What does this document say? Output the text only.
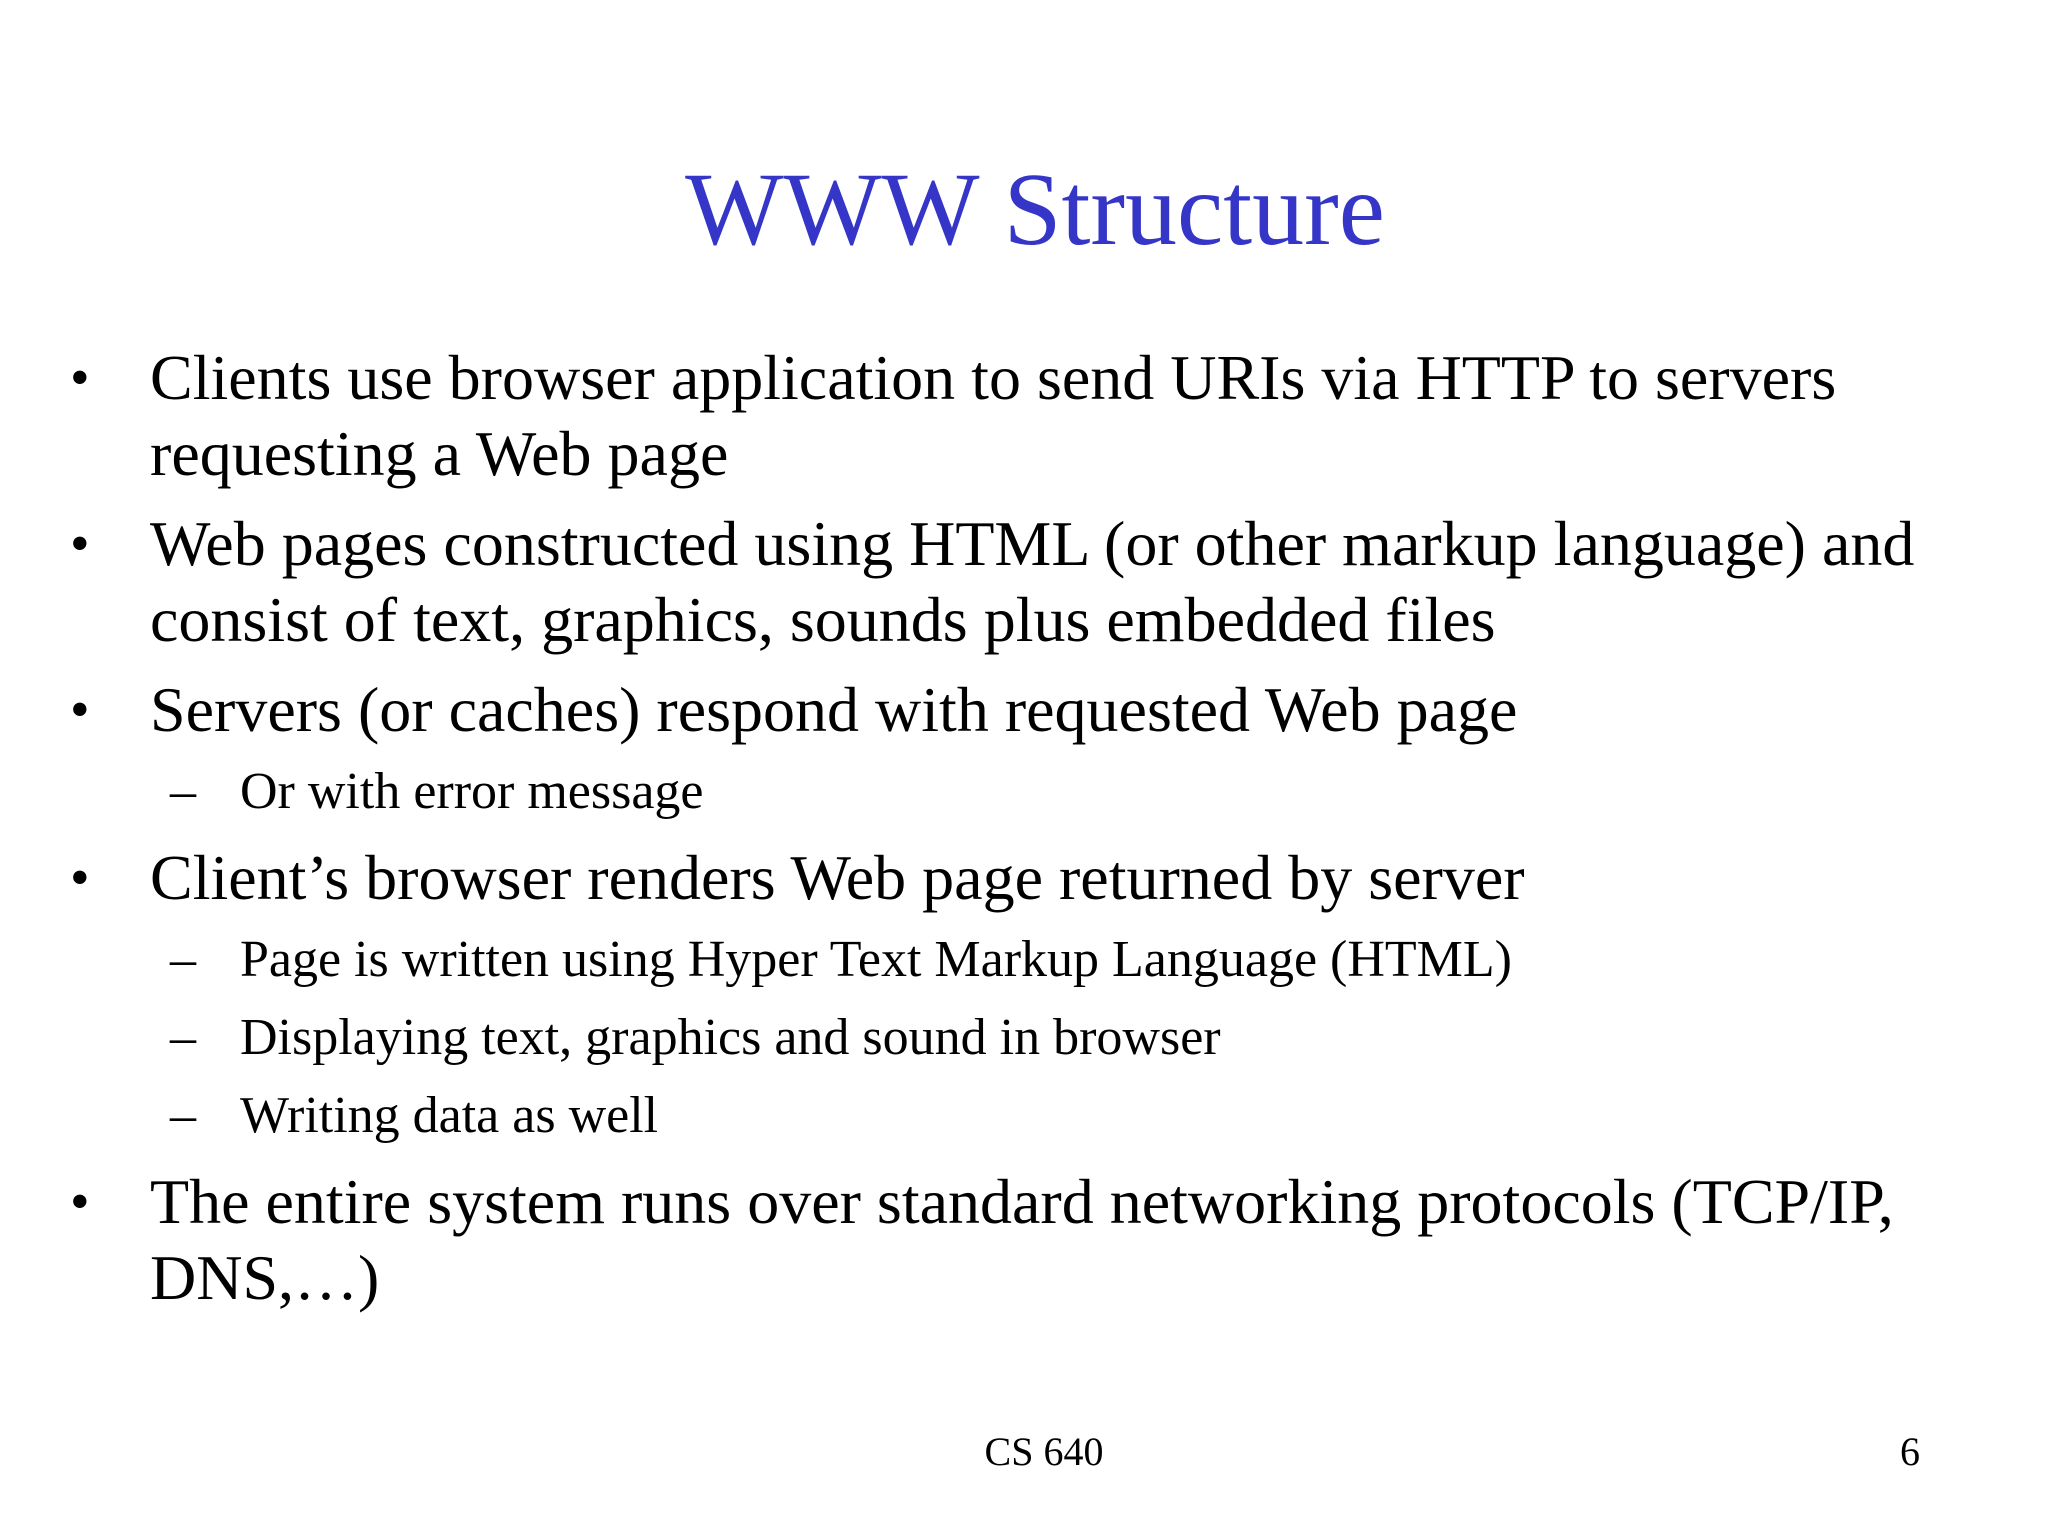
WWW Structure
• Clients use browser application to send URIs via HTTP to servers requesting a Web page
• Web pages constructed using HTML (or other markup language) and consist of text, graphics, sounds plus embedded files
• Servers (or caches) respond with requested Web page
– Or with error message
• Client’s browser renders Web page returned by server
– Page is written using Hyper Text Markup Language (HTML)
– Displaying text, graphics and sound in browser
– Writing data as well
• The entire system runs over standard networking protocols (TCP/IP, DNS,…)
CS 640	6
